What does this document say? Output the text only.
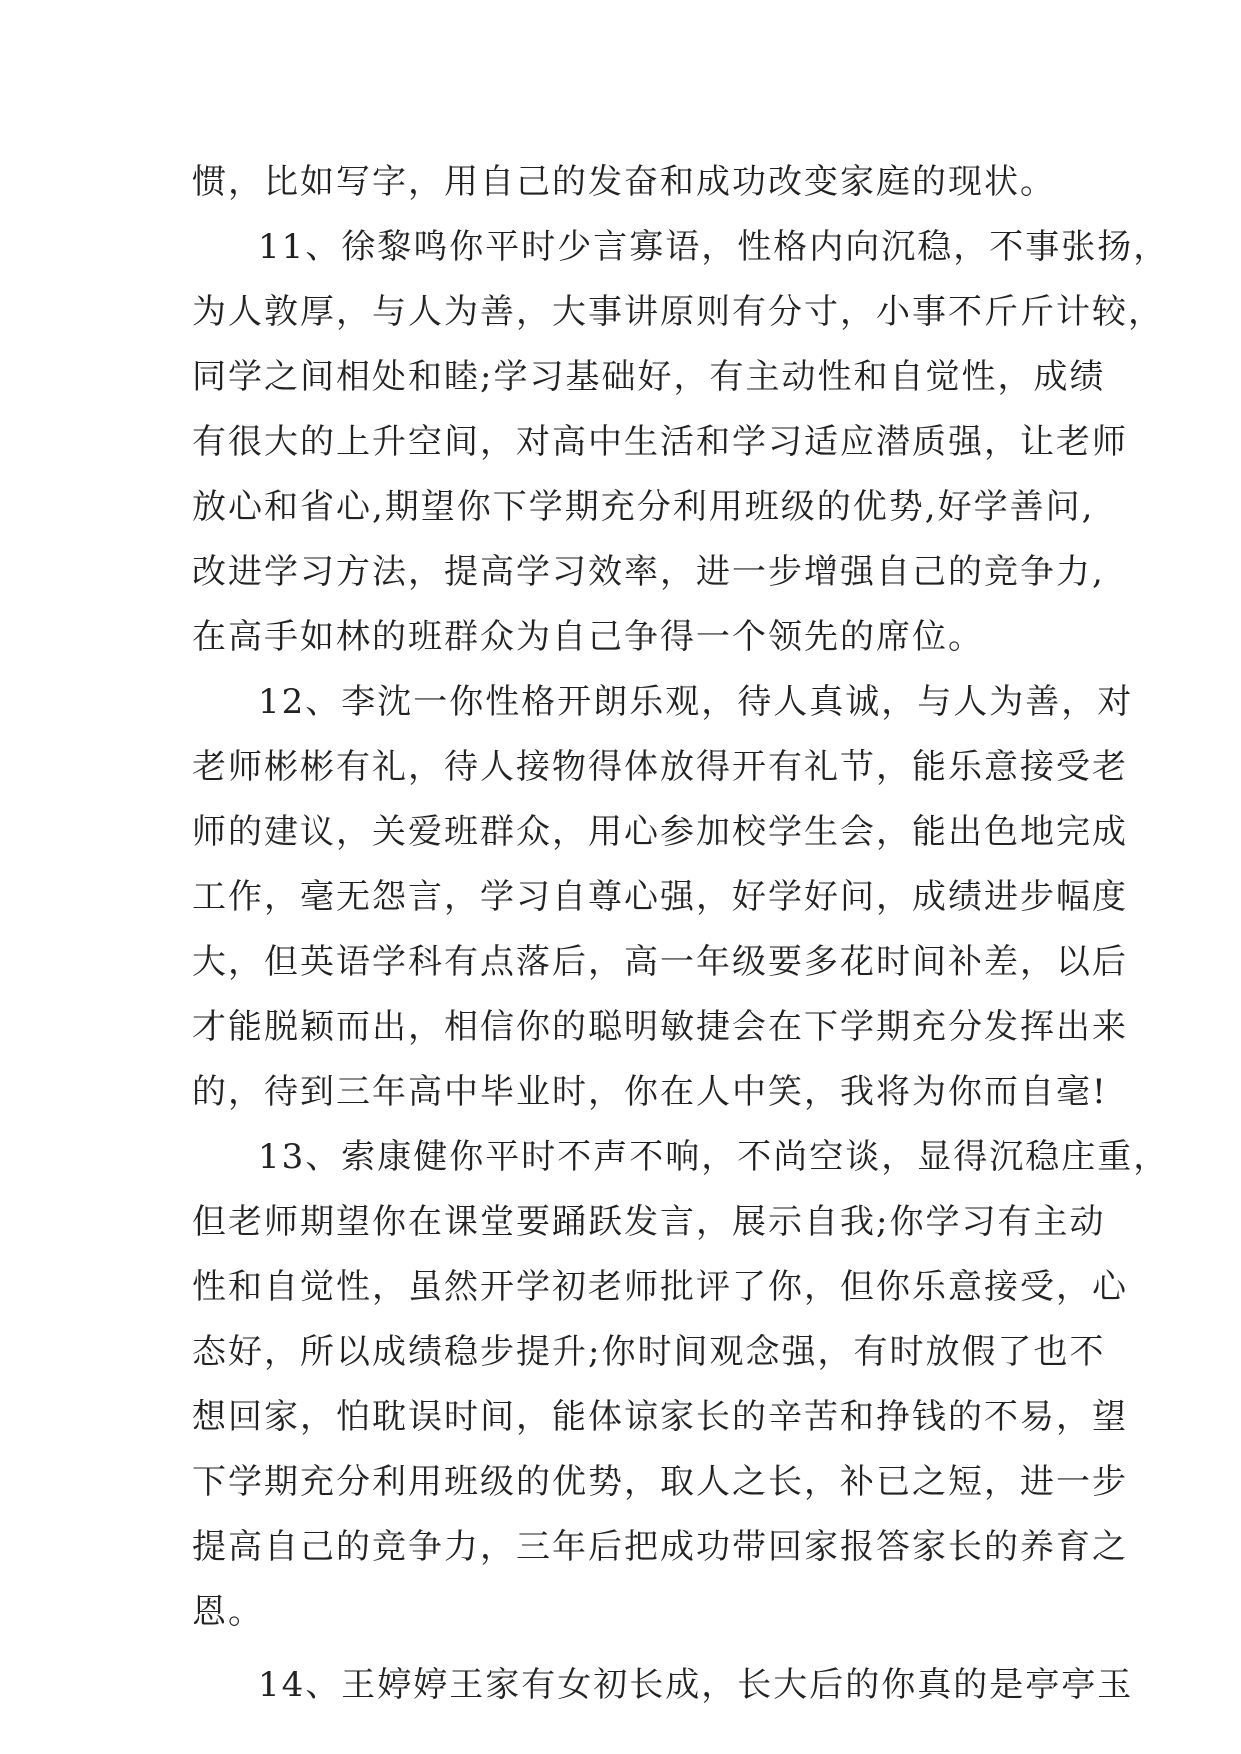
惯，比如写字，用自己的发奋和成功改变家庭的现状。
11、徐黎鸣你平时少言寡语，性格内向沉稳，不事张扬，
为人敦厚，与人为善，大事讲原则有分寸，小事不斤斤计较，
同学之间相处和睦;学习基础好，有主动性和自觉性，成绩
有很大的上升空间，对高中生活和学习适应潜质强，让老师
放心和省心,期望你下学期充分利用班级的优势,好学善问,
改进学习方法，提高学习效率，进一步增强自己的竞争力,
在高手如林的班群众为自己争得一个领先的席位。
12、李沈一你性格开朗乐观，待人真诚，与人为善，对
老师彬彬有礼，待人接物得体放得开有礼节，能乐意接受老
师的建议，关爱班群众，用心参加校学生会，能出色地完成
工作，毫无怨言，学习自尊心强，好学好问，成绩进步幅度
大，但英语学科有点落后，高一年级要多花时间补差，以后
才能脱颖而出，相信你的聪明敏捷会在下学期充分发挥出来
的，待到三年高中毕业时，你在人中笑，我将为你而自毫!
13、索康健你平时不声不响，不尚空谈，显得沉稳庄重，
但老师期望你在课堂要踊跃发言，展示自我;你学习有主动
性和自觉性，虽然开学初老师批评了你，但你乐意接受，心
态好，所以成绩稳步提升;你时间观念强，有时放假了也不
想回家，怕耽误时间，能体谅家长的辛苦和挣钱的不易，望
下学期充分利用班级的优势，取人之长，补已之短，进一步
提高自己的竞争力，三年后把成功带回家报答家长的养育之
恩。
14、王婷婷王家有女初长成，长大后的你真的是亭亭玉
